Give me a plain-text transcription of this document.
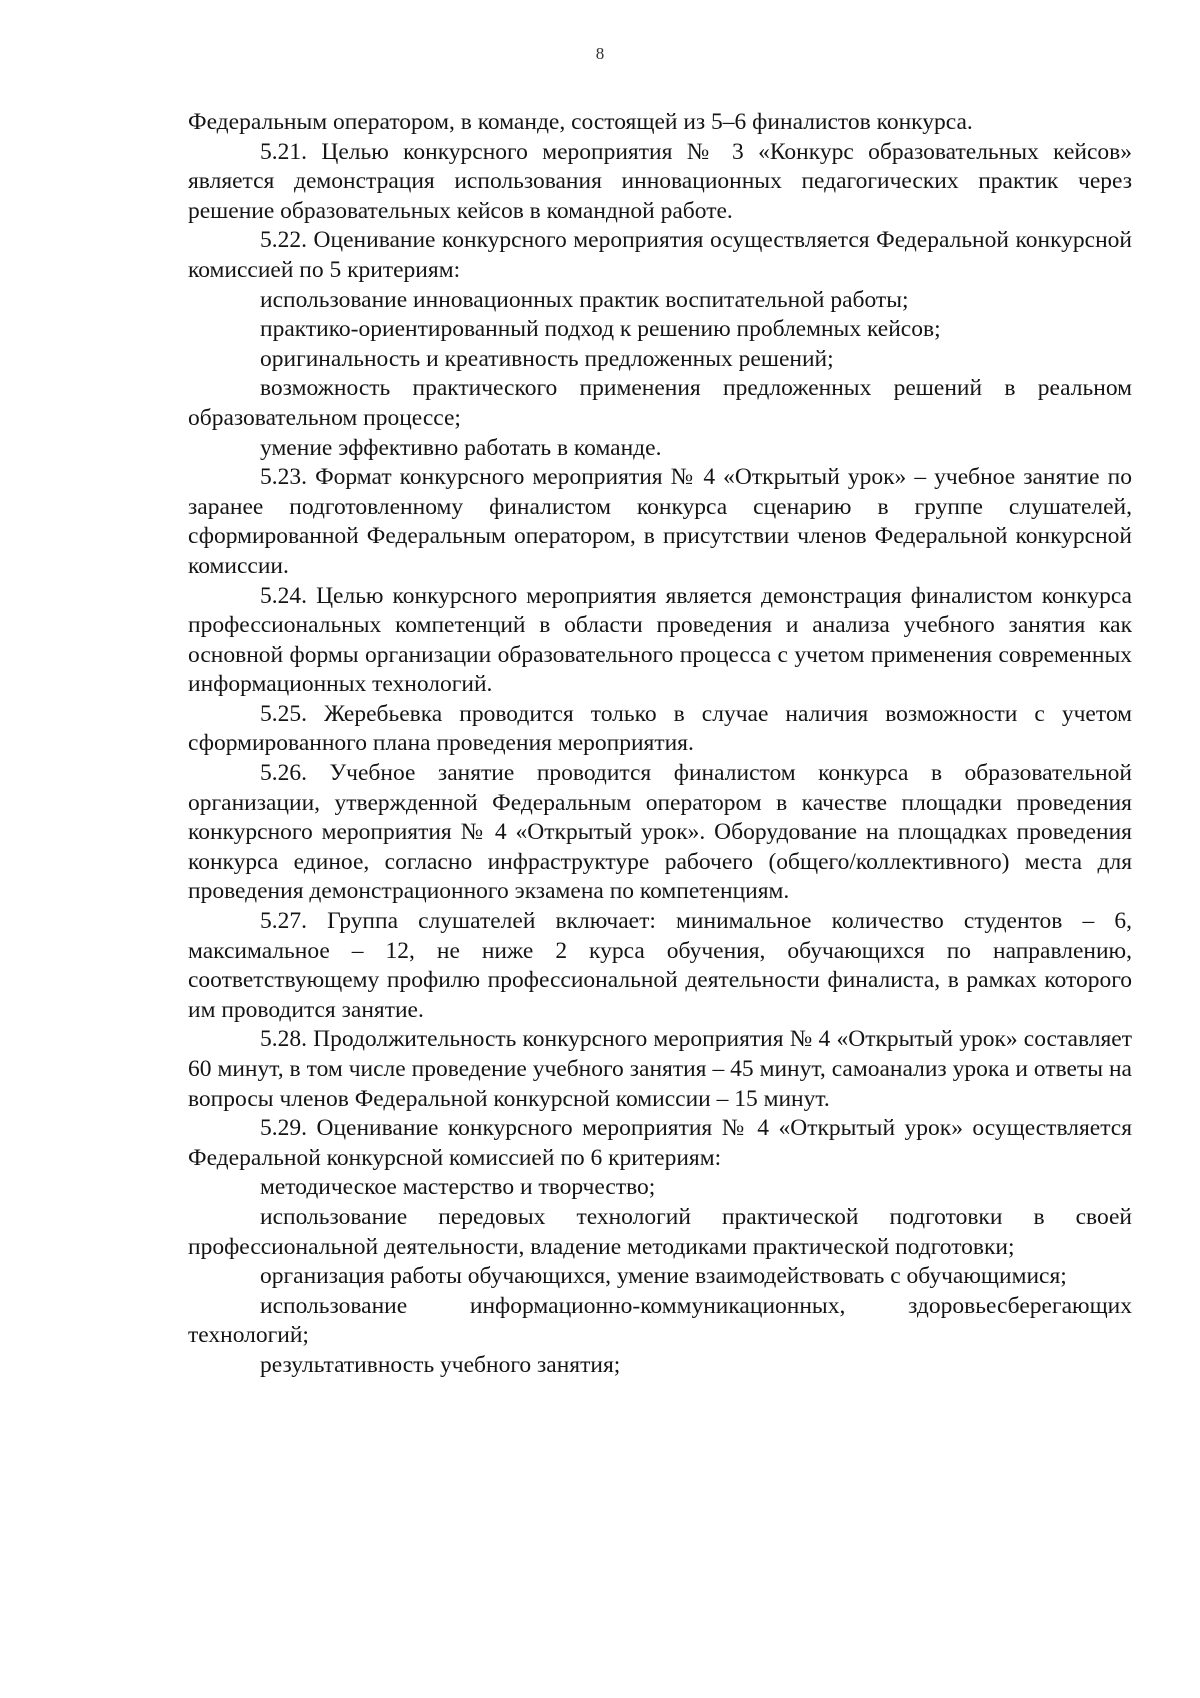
8

Федеральным оператором, в команде, состоящей из 5–6 финалистов конкурса.

5.21. Целью конкурсного мероприятия № 3 «Конкурс образовательных кейсов» является демонстрация использования инновационных педагогических практик через решение образовательных кейсов в командной работе.

5.22. Оценивание конкурсного мероприятия осуществляется Федеральной конкурсной комиссией по 5 критериям:

использование инновационных практик воспитательной работы;

практико-ориентированный подход к решению проблемных кейсов;

оригинальность и креативность предложенных решений;

возможность практического применения предложенных решений в реальном образовательном процессе;

умение эффективно работать в команде.

5.23. Формат конкурсного мероприятия № 4 «Открытый урок» – учебное занятие по заранее подготовленному финалистом конкурса сценарию в группе слушателей, сформированной Федеральным оператором, в присутствии членов Федеральной конкурсной комиссии.

5.24. Целью конкурсного мероприятия является демонстрация финалистом конкурса профессиональных компетенций в области проведения и анализа учебного занятия как основной формы организации образовательного процесса с учетом применения современных информационных технологий.

5.25. Жеребьевка проводится только в случае наличия возможности с учетом сформированного плана проведения мероприятия.

5.26. Учебное занятие проводится финалистом конкурса в образовательной организации, утвержденной Федеральным оператором в качестве площадки проведения конкурсного мероприятия № 4 «Открытый урок». Оборудование на площадках проведения конкурса единое, согласно инфраструктуре рабочего (общего/коллективного) места для проведения демонстрационного экзамена по компетенциям.

5.27. Группа слушателей включает: минимальное количество студентов – 6, максимальное – 12, не ниже 2 курса обучения, обучающихся по направлению, соответствующему профилю профессиональной деятельности финалиста, в рамках которого им проводится занятие.

5.28. Продолжительность конкурсного мероприятия № 4 «Открытый урок» составляет 60 минут, в том числе проведение учебного занятия – 45 минут, самоанализ урока и ответы на вопросы членов Федеральной конкурсной комиссии – 15 минут.

5.29. Оценивание конкурсного мероприятия № 4 «Открытый урок» осуществляется Федеральной конкурсной комиссией по 6 критериям:

методическое мастерство и творчество;

использование передовых технологий практической подготовки в своей профессиональной деятельности, владение методиками практической подготовки;

организация работы обучающихся, умение взаимодействовать с обучающимися;

использование информационно-коммуникационных, здоровьесберегающих технологий;

результативность учебного занятия;
